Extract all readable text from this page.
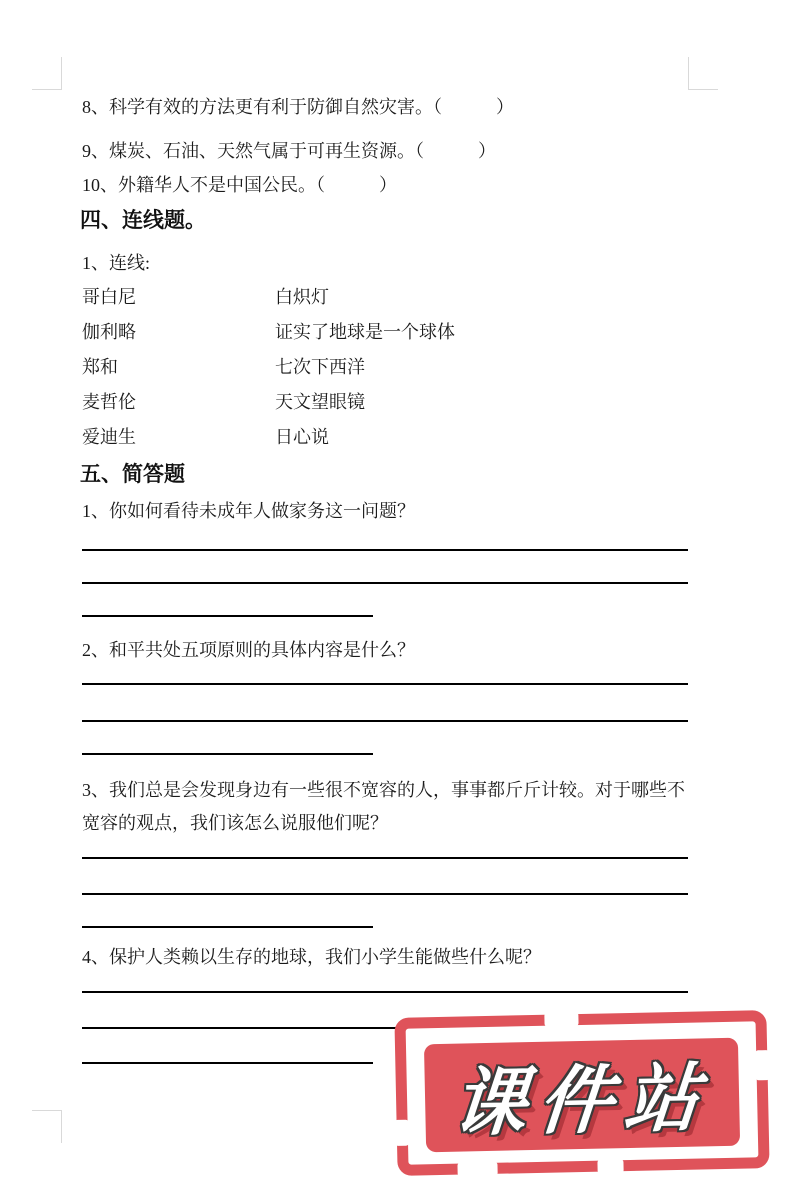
8、科学有效的方法更有利于防御自然灾害。（　　　）
9、煤炭、石油、天然气属于可再生资源。（　　　）
10、外籍华人不是中国公民。（　　　）
四、连线题。
1、连线:
哥白尼	白炽灯
伽利略	证实了地球是一个球体
郑和	七次下西洋
麦哲伦	天文望眼镜
爱迪生	日心说
五、简答题
1、你如何看待未成年人做家务这一问题？
2、和平共处五项原则的具体内容是什么？
3、我们总是会发现身边有一些很不宽容的人，事事都斤斤计较。对于哪些不宽容的观点，我们该怎么说服他们呢？
4、保护人类赖以生存的地球，我们小学生能做些什么呢？
课件站
